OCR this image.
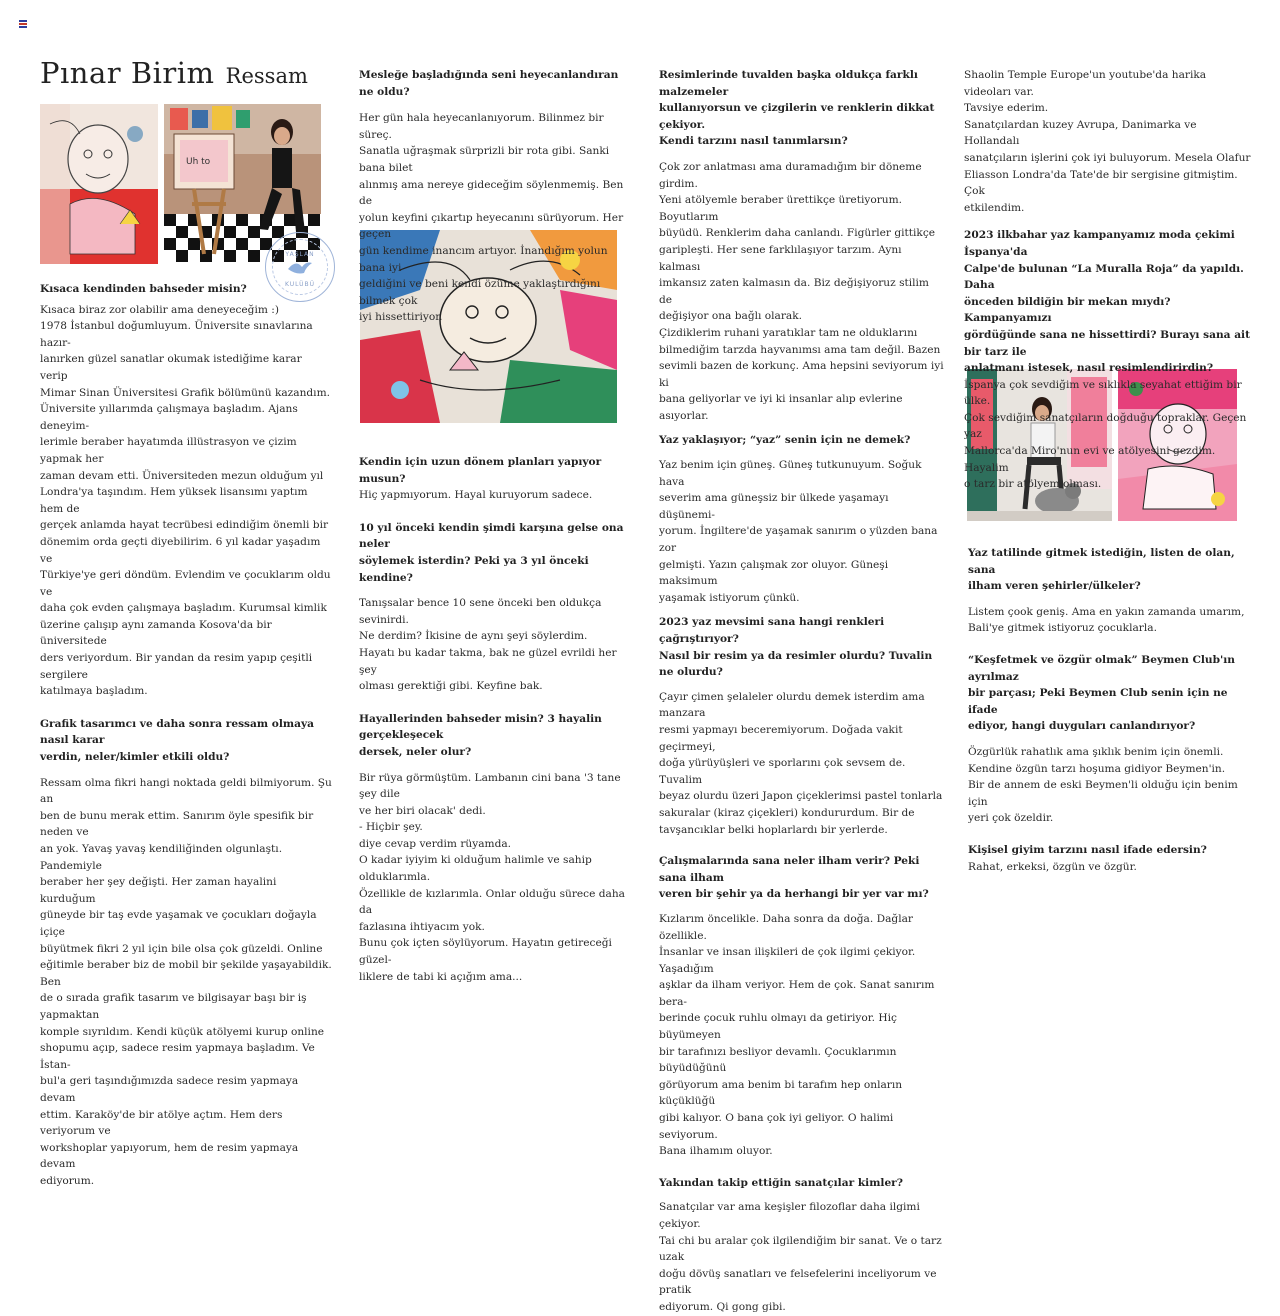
Pınar Birim Ressam
Uh to
YAŞLAN
KULÜBÜ

Kısaca kendinden bahseder misin?

Kısaca biraz zor olabilir ama deneyeceğim :)
1978 İstanbul doğumluyum. Üniversite sınavlarına hazır-
lanırken güzel sanatlar okumak istediğime karar verip
Mimar Sinan Üniversitesi Grafik bölümünü kazandım.
Üniversite yıllarımda çalışmaya başladım. Ajans deneyim-
lerimle beraber hayatımda illüstrasyon ve çizim yapmak her
zaman devam etti. Üniversiteden mezun olduğum yıl
Londra'ya taşındım. Hem yüksek lisansımı yaptım hem de
gerçek anlamda hayat tecrübesi edindiğim önemli bir
dönemim orda geçti diyebilirim. 6 yıl kadar yaşadım ve
Türkiye'ye geri döndüm. Evlendim ve çocuklarım oldu ve
daha çok evden çalışmaya başladım. Kurumsal kimlik
üzerine çalışıp aynı zamanda Kosova'da bir üniversitede
ders veriyordum. Bir yandan da resim yapıp çeşitli sergilere
katılmaya başladım.

Grafik tasarımcı ve daha sonra ressam olmaya nasıl karar
verdin, neler/kimler etkili oldu?

Ressam olma fikri hangi noktada geldi bilmiyorum. Şu an
ben de bunu merak ettim. Sanırım öyle spesifik bir neden ve
an yok. Yavaş yavaş kendiliğinden olgunlaştı. Pandemiyle
beraber her şey değişti. Her zaman hayalini kurduğum
güneyde bir taş evde yaşamak ve çocukları doğayla içiçe
büyütmek fikri 2 yıl için bile olsa çok güzeldi. Online
eğitimle beraber biz de mobil bir şekilde yaşayabildik. Ben
de o sırada grafik tasarım ve bilgisayar başı bir iş yapmaktan
komple sıyrıldım. Kendi küçük atölyemi kurup online
shopumu açıp, sadece resim yapmaya başladım. Ve İstan-
bul'a geri taşındığımızda sadece resim yapmaya devam
ettim. Karaköy'de bir atölye açtım. Hem ders veriyorum ve
workshoplar yapıyorum, hem de resim yapmaya devam
ediyorum.

Mesleğe başladığında seni heyecanlandıran ne oldu?

Her gün hala heyecanlanıyorum. Bilinmez bir süreç.
Sanatla uğraşmak sürprizli bir rota gibi. Sanki bana bilet
alınmış ama nereye gideceğim söylenmemiş. Ben de
yolun keyfini çıkartıp heyecanını sürüyorum. Her geçen
gün kendime inancım artıyor. İnandığım yolun bana iyi
geldiğini ve beni kendi özüme yaklaştırdığını bilmek çok
iyi hissettiriyor.

Kendin için uzun dönem planları yapıyor musun?

Hiç yapmıyorum. Hayal kuruyorum sadece.

10 yıl önceki kendin şimdi karşına gelse ona neler
söylemek isterdin? Peki ya 3 yıl önceki kendine?

Tanışsalar bence 10 sene önceki ben oldukça sevinirdi.
Ne derdim? İkisine de aynı şeyi söylerdim.
Hayatı bu kadar takma, bak ne güzel evrildi her şey
olması gerektiği gibi. Keyfine bak.

Hayallerinden bahseder misin? 3 hayalin gerçekleşecek
dersek, neler olur?

Bir rüya görmüştüm. Lambanın cini bana '3 tane şey dile
ve her biri olacak' dedi.
- Hiçbir şey.
diye cevap verdim rüyamda.
O kadar iyiyim ki olduğum halimle ve sahip olduklarımla.
Özellikle de kızlarımla. Onlar olduğu sürece daha da
fazlasına ihtiyacım yok.
Bunu çok içten söylüyorum. Hayatın getireceği güzel-
liklere de tabi ki açığım ama...

Resimlerinde tuvalden başka oldukça farklı malzemeler
kullanıyorsun ve çizgilerin ve renklerin dikkat çekiyor.
Kendi tarzını nasıl tanımlarsın?

Çok zor anlatması ama duramadığım bir döneme girdim.
Yeni atölyemle beraber ürettikçe üretiyorum. Boyutlarım
büyüdü. Renklerim daha canlandı. Figürler gittikçe
garipleşti. Her sene farklılaşıyor tarzım. Aynı kalması
imkansız zaten kalmasın da. Biz değişiyoruz stilim de
değişiyor ona bağlı olarak.
Çizdiklerim ruhani yaratıklar tam ne olduklarını
bilmediğim tarzda hayvanımsı ama tam değil. Bazen
sevimli bazen de korkunç. Ama hepsini seviyorum iyi ki
bana geliyorlar ve iyi ki insanlar alıp evlerine asıyorlar.

Yaz yaklaşıyor; “yaz” senin için ne demek?

Yaz benim için güneş. Güneş tutkunuyum. Soğuk hava
severim ama güneşsiz bir ülkede yaşamayı düşünemi-
yorum. İngiltere'de yaşamak sanırım o yüzden bana zor
gelmişti. Yazın çalışmak zor oluyor. Güneşi maksimum
yaşamak istiyorum çünkü.

2023 yaz mevsimi sana hangi renkleri çağrıştırıyor?
Nasıl bir resim ya da resimler olurdu? Tuvalin ne olurdu?

Çayır çimen şelaleler olurdu demek isterdim ama manzara
resmi yapmayı beceremiyorum. Doğada vakit geçirmeyi,
doğa yürüyüşleri ve sporlarını çok sevsem de. Tuvalim
beyaz olurdu üzeri Japon çiçeklerimsi pastel tonlarla
sakuralar (kiraz çiçekleri) kondururdum. Bir de
tavşancıklar belki hoplarlardı bir yerlerde.

Çalışmalarında sana neler ilham verir? Peki sana ilham
veren bir şehir ya da herhangi bir yer var mı?

Kızlarım öncelikle. Daha sonra da doğa. Dağlar özellikle.
İnsanlar ve insan ilişkileri de çok ilgimi çekiyor. Yaşadığım
aşklar da ilham veriyor. Hem de çok. Sanat sanırım bera-
berinde çocuk ruhlu olmayı da getiriyor. Hiç büyümeyen
bir tarafınızı besliyor devamlı. Çocuklarımın büyüdüğünü
görüyorum ama benim bi tarafım hep onların küçüklüğü
gibi kalıyor. O bana çok iyi geliyor. O halimi seviyorum.
Bana ilhamım oluyor.

Yakından takip ettiğin sanatçılar kimler?

Sanatçılar var ama keşişler filozoflar daha ilgimi çekiyor.
Tai chi bu aralar çok ilgilendiğim bir sanat. Ve o tarz uzak
doğu dövüş sanatları ve felsefelerini inceliyorum ve pratik
ediyorum. Qi gong gibi.

Shaolin Temple Europe'un youtube'da harika videoları var.
Tavsiye ederim.
Sanatçılardan kuzey Avrupa, Danimarka ve Hollandalı
sanatçıların işlerini çok iyi buluyorum. Mesela Olafur
Eliasson Londra'da Tate'de bir sergisine gitmiştim. Çok
etkilendim.

2023 ilkbahar yaz kampanyamız moda çekimi İspanya'da
Calpe'de bulunan “La Muralla Roja” da yapıldı. Daha
önceden bildiğin bir mekan mıydı? Kampanyamızı
gördüğünde sana ne hissettirdi? Burayı sana ait bir tarz ile
anlatmanı istesek, nasıl resimlendirirdin?

İspanya çok sevdiğim ve sıklıkla seyahat ettiğim bir ülke.
Çok sevdiğim sanatçıların doğduğu topraklar. Geçen yaz
Mallorca'da Miro'nun evi ve atölyesini gezdim. Hayalim
o tarz bir atölyem olması.

Yaz tatilinde gitmek istediğin, listen de olan, sana
ilham veren şehirler/ülkeler?

Listem çook geniş. Ama en yakın zamanda umarım,
Bali'ye gitmek istiyoruz çocuklarla.

“Keşfetmek ve özgür olmak” Beymen Club'ın ayrılmaz
bir parçası; Peki Beymen Club senin için ne ifade
ediyor, hangi duyguları canlandırıyor?

Özgürlük rahatlık ama şıklık benim için önemli.
Kendine özgün tarzı hoşuma gidiyor Beymen'in.
Bir de annem de eski Beymen'li olduğu için benim için
yeri çok özeldir.

Kişisel giyim tarzını nasıl ifade edersin?

Rahat, erkeksi, özgün ve özgür.
